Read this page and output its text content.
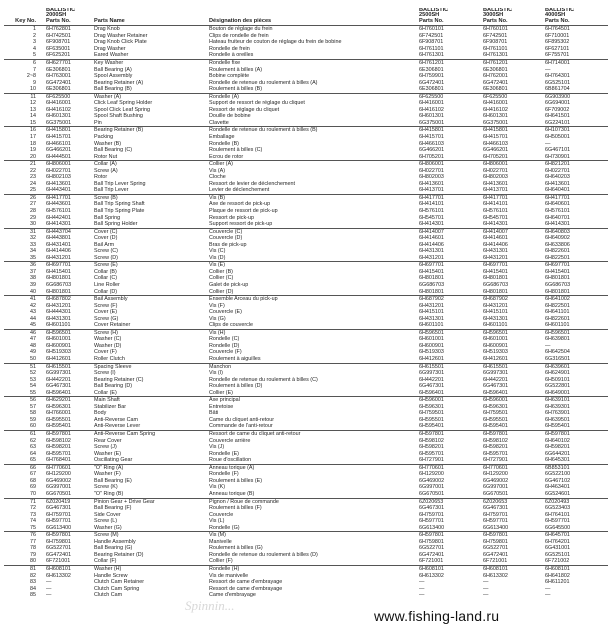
Spinnin...

Key No.	BALLISTIC
2000SH
Parts No.	Parts Name	Désignation des pièces	BALLISTIC
2500SH
Parts No.	BALLISTIC
3000SH
Parts No.	BALLISTIC
4000SH
Parts No.
1	6H762801	Drag Knob	Bouton de réglage du frein	6H760101	6H760101	6H764501
2	6H742501	Drag Washer Retainer	Clips de rondelle de frein	6F742501	6F742501	6F710001
3	6F908701	Drag Knob Click Plate	Hateau fruiteur de couton de réglage du frein de bobine	6F908701	6F908701	6F895302
4	6F635001	Drag Washer	Rondelle de frein	6H761101	6H761101	6F627101
5	6F625201	Eared Washer	Rondelle à oreilles	6H761301	6H761301	6F755701
6	6H627701	Key Washer	Rondelle fixe	6H761201	6H761201	6H714001
7	6E306801	Ball Bearing (A)	Roulement à billes (A)	6E306801	6E306801	—
2~8	6H763001	Spool Assembly	Bobine complète	6H759901	6H762001	6H764301
9	6G472401	Bearing Retainer (A)	Rondelle de retenue du roulement à billes (A)	6G472401	6G472401	6G525101
10	6E306801	Ball Bearing (B)	Roulement à billes (B)	6E306801	6E306801	6B861704
11	6F625500	Washer (A)	Rondelle (A)	6F625500	6F625500	6G903900
12	6H416001	Click Leaf Spring Holder	Support de ressort de réglage du cliquet	6H416001	6H416001	6G694001
13	6H416102	Spool Click Leaf Spring	Ressort de réglage du cliquet	6H416102	6H416102	6F709002
14	6H601301	Spool Shaft Bushing	Douille de bobine	6H601301	6H601301	6H641501
15	6G375001	Pin	Clavette	6G375001	6G375001	6G224101
16	6H415801	Bearing Retainer (B)	Rondelle de retenue du roulement à billes (B)	6H415801	6H415801	6H107301
17	6H415701	Packing	Emballage	6H415701	6H415701	6H505001
18	6H466101	Washer (B)	Rondelle (B)	6H466103	6H466103	—
19	6G466201	Ball Bearing (C)	Roulement à billes (C)	6G466201	6G466201	6G467101
20	6H444501	Rotor Nut	Écrou de rotor	6H705201	6H705201	6H730901
21	6H806001	Collar (A)	Collier (A)	6H806001	6H806001	6H821201
22	6H022701	Screw (A)	Vis (A)	6H022701	6H022701	6H022701
23	6H802103	Rotor	Cloche	6H802003	6H802003	6H640203
24	6H413601	Ball Trip Lever Spring	Ressort de levier de déclenchement	6H413601	6H413601	6H413601
25	6H443401	Ball Trip Lever	Levier de déclenchement	6H413701	6H413701	6H640401
26	6H417701	Screw (B)	Vis (B)	6H417701	6H417701	6H417701
27	6H443601	Ball Trip Spring Shaft	Axe de ressort de pick-up	6H414101	6H414101	6H640601
28	6H576101	Ball Trip Spring Plate	Plaque de ressort de pick-up	6H576101	6H576101	6H576101
29	6H442401	Ball Spring	Ressort de pick-up	6H545701	6H545701	6H640701
30	6H414301	Ball Spring Holder	Support ressort de pick-up	6H414301	6H414301	6H414301
31	6H443704	Cover (C)	Couvercle (C)	6H414007	6H414007	6H640803
32	6H443801	Cover (D)	Couvercle (D)	6H414601	6H414601	6H640902
33	6H431401	Bail Arm	Bras de pick-up	6H414406	6H414406	6H633806
34	6H414406	Screw (C)	Vis (C)	6H431301	6H431301	6H822601
35	6H431201	Screw (D)	Vis (D)	6H431201	6H431201	6H822501
36	6H697701	Screw (E)	Vis (E)	6H697701	6H697701	6H697701
37	6H415401	Collar (B)	Collier (B)	6H415401	6H415401	6H415401
38	6H801801	Collar (C)	Collier (C)	6H801801	6H801801	6H801801
39	6G686703	Line Roller	Galet de pick-up	6G686703	6G686703	6G686703
40	6H801801	Collar (D)	Collier (D)	6H801801	6H801801	6H801801
41	6H687802	Bail Assembly	Ensemble Arceau du pick-up	6H687902	6H687902	6H641002
42	6H431201	Screw (F)	Vis (F)	6H431201	6H431201	6H822501
43	6H444301	Cover (E)	Couvercle (E)	6H415101	6H415101	6H641101
44	6H431301	Screw (G)	Vis (G)	6H431301	6H431301	6H822601
45	6H601101	Cover Retainer	Clips de couvercle	6H601101	6H601101	6H601101
46	6H596501	Screw (H)	Vis (H)	6H596501	6H596501	6H596501
47	6H601001	Washer (C)	Rondelle (C)	6H601001	6H601001	6H639801
48	6H600901	Washer (D)	Rondelle (D)	6H600901	6H600901	—
49	6H519303	Cover (F)	Couvercle (F)	6H519303	6H519303	6H642504
50	6H412601	Roller Clutch	Roulement à aiguilles	6H412601	6H412601	6G316501
51	6H615501	Spacing Sleeve	Manchon	6H615501	6H615501	6H639601
52	6G997301	Screw (I)	Vis (I)	6G997301	6G997301	6H624901
53	6H442201	Bearing Retainer (C)	Rondelle de retenue du roulement à billes (C)	6H442201	6H442201	6H509101
54	6G467301	Ball Bearing (D)	Roulement à billes (D)	6G467301	6G467301	6G522801
55	6H596401	Collar (E)	Collier (E)	6H596401	6H596401	6H649001
56	6H629201	Main Shaft	Axe principal	6H596001	6H596001	6H639101
57	6H596301	Stabilizer Bar	Entretoise	6H596301	6H596301	6H639301
58	6H766001	Body	Bâti	6H759501	6H759501	6H763901
59	6H595501	Anti-Reverse Cam	Came du cliquet anti-retour	6H595501	6H595501	6H639501
60	6H595401	Anti-Reverse Lever	Commande de l'anti-retour	6H595401	6H595401	6H595401
61	6H597801	Anti-Reverse Cam Spring	Ressort de came du cliquet anti-retour	6H597801	6H597801	6H597801
62	6H598102	Rear Cover	Couvercle arrière	6H598102	6H598102	6H640102
63	6H598201	Screw (J)	Vis (J)	6H598201	6H598201	6H598201
64	6H595701	Washer (E)	Rondelle (E)	6H595701	6H595701	6G644201
65	6H768401	Oscillating Gear	Roue d'oscillation	6H727901	6H727901	6H645301
66	6H770601	"O" Ring (A)	Anneau torique (A)	6H770601	6H770601	6B853101
67	6H129200	Washer (F)	Rondelle (F)	6H129200	6H129200	6G522100
68	6G469002	Ball Bearing (E)	Roulement à billes (E)	6G469002	6G469002	6G467102
69	6G997001	Screw (K)	Vis (K)	6G997001	6G997001	6H463401
70	6G670501	"O" Ring (B)	Anneau torique (B)	6G670501	6G670501	6G524601
71	6Z020419	Pinion Gear + Drive Gear	Pignon / Roue de commande	6Z020653	6Z020653	6Z020493
72	6G467301	Ball Bearing (F)	Roulement à billes (F)	6G467301	6G467301	6G523403
73	6H759701	Side Cover	Couvercle	6H759701	6H759701	6H764101
74	6H597701	Screw (L)	Vis (L)	6H597701	6H597701	6H597701
75	6G613400	Washer (G)	Rondelle (G)	6G613400	6G613400	6G645500
76	6H597801	Screw (M)	Vis (M)	6H597801	6H597801	6H645701
77	6H759801	Handle Assembly	Manivelle	6H759801	6H759801	6H764201
78	6G522701	Ball Bearing (G)	Roulement à billes (G)	6G522701	6G522701	6G431001
79	6G472401	Bearing Retainer (D)	Rondelle de retenue du roulement à billes (D)	6G472401	6G472401	6G525101
80	6F721001	Collar (F)	Collier (F)	6F721001	6F721001	6F721002
81	6H608101	Washer (H)	Rondelle (H)	6H608101	6H608101	6H608101
82	6H613302	Handle Screw	Vis de manivelle	6H613302	6H613302	6H641802
83	—	Clutch Cam Retainer	Ressort de came d'embrayage	—	—	6H611201
84	—	Clutch Cam Spring	Ressort de came d'embrayage	—	—	—
85	—	Clutch Cam	Came d'embrayage	—	—	—
www.fishing-land.ru
